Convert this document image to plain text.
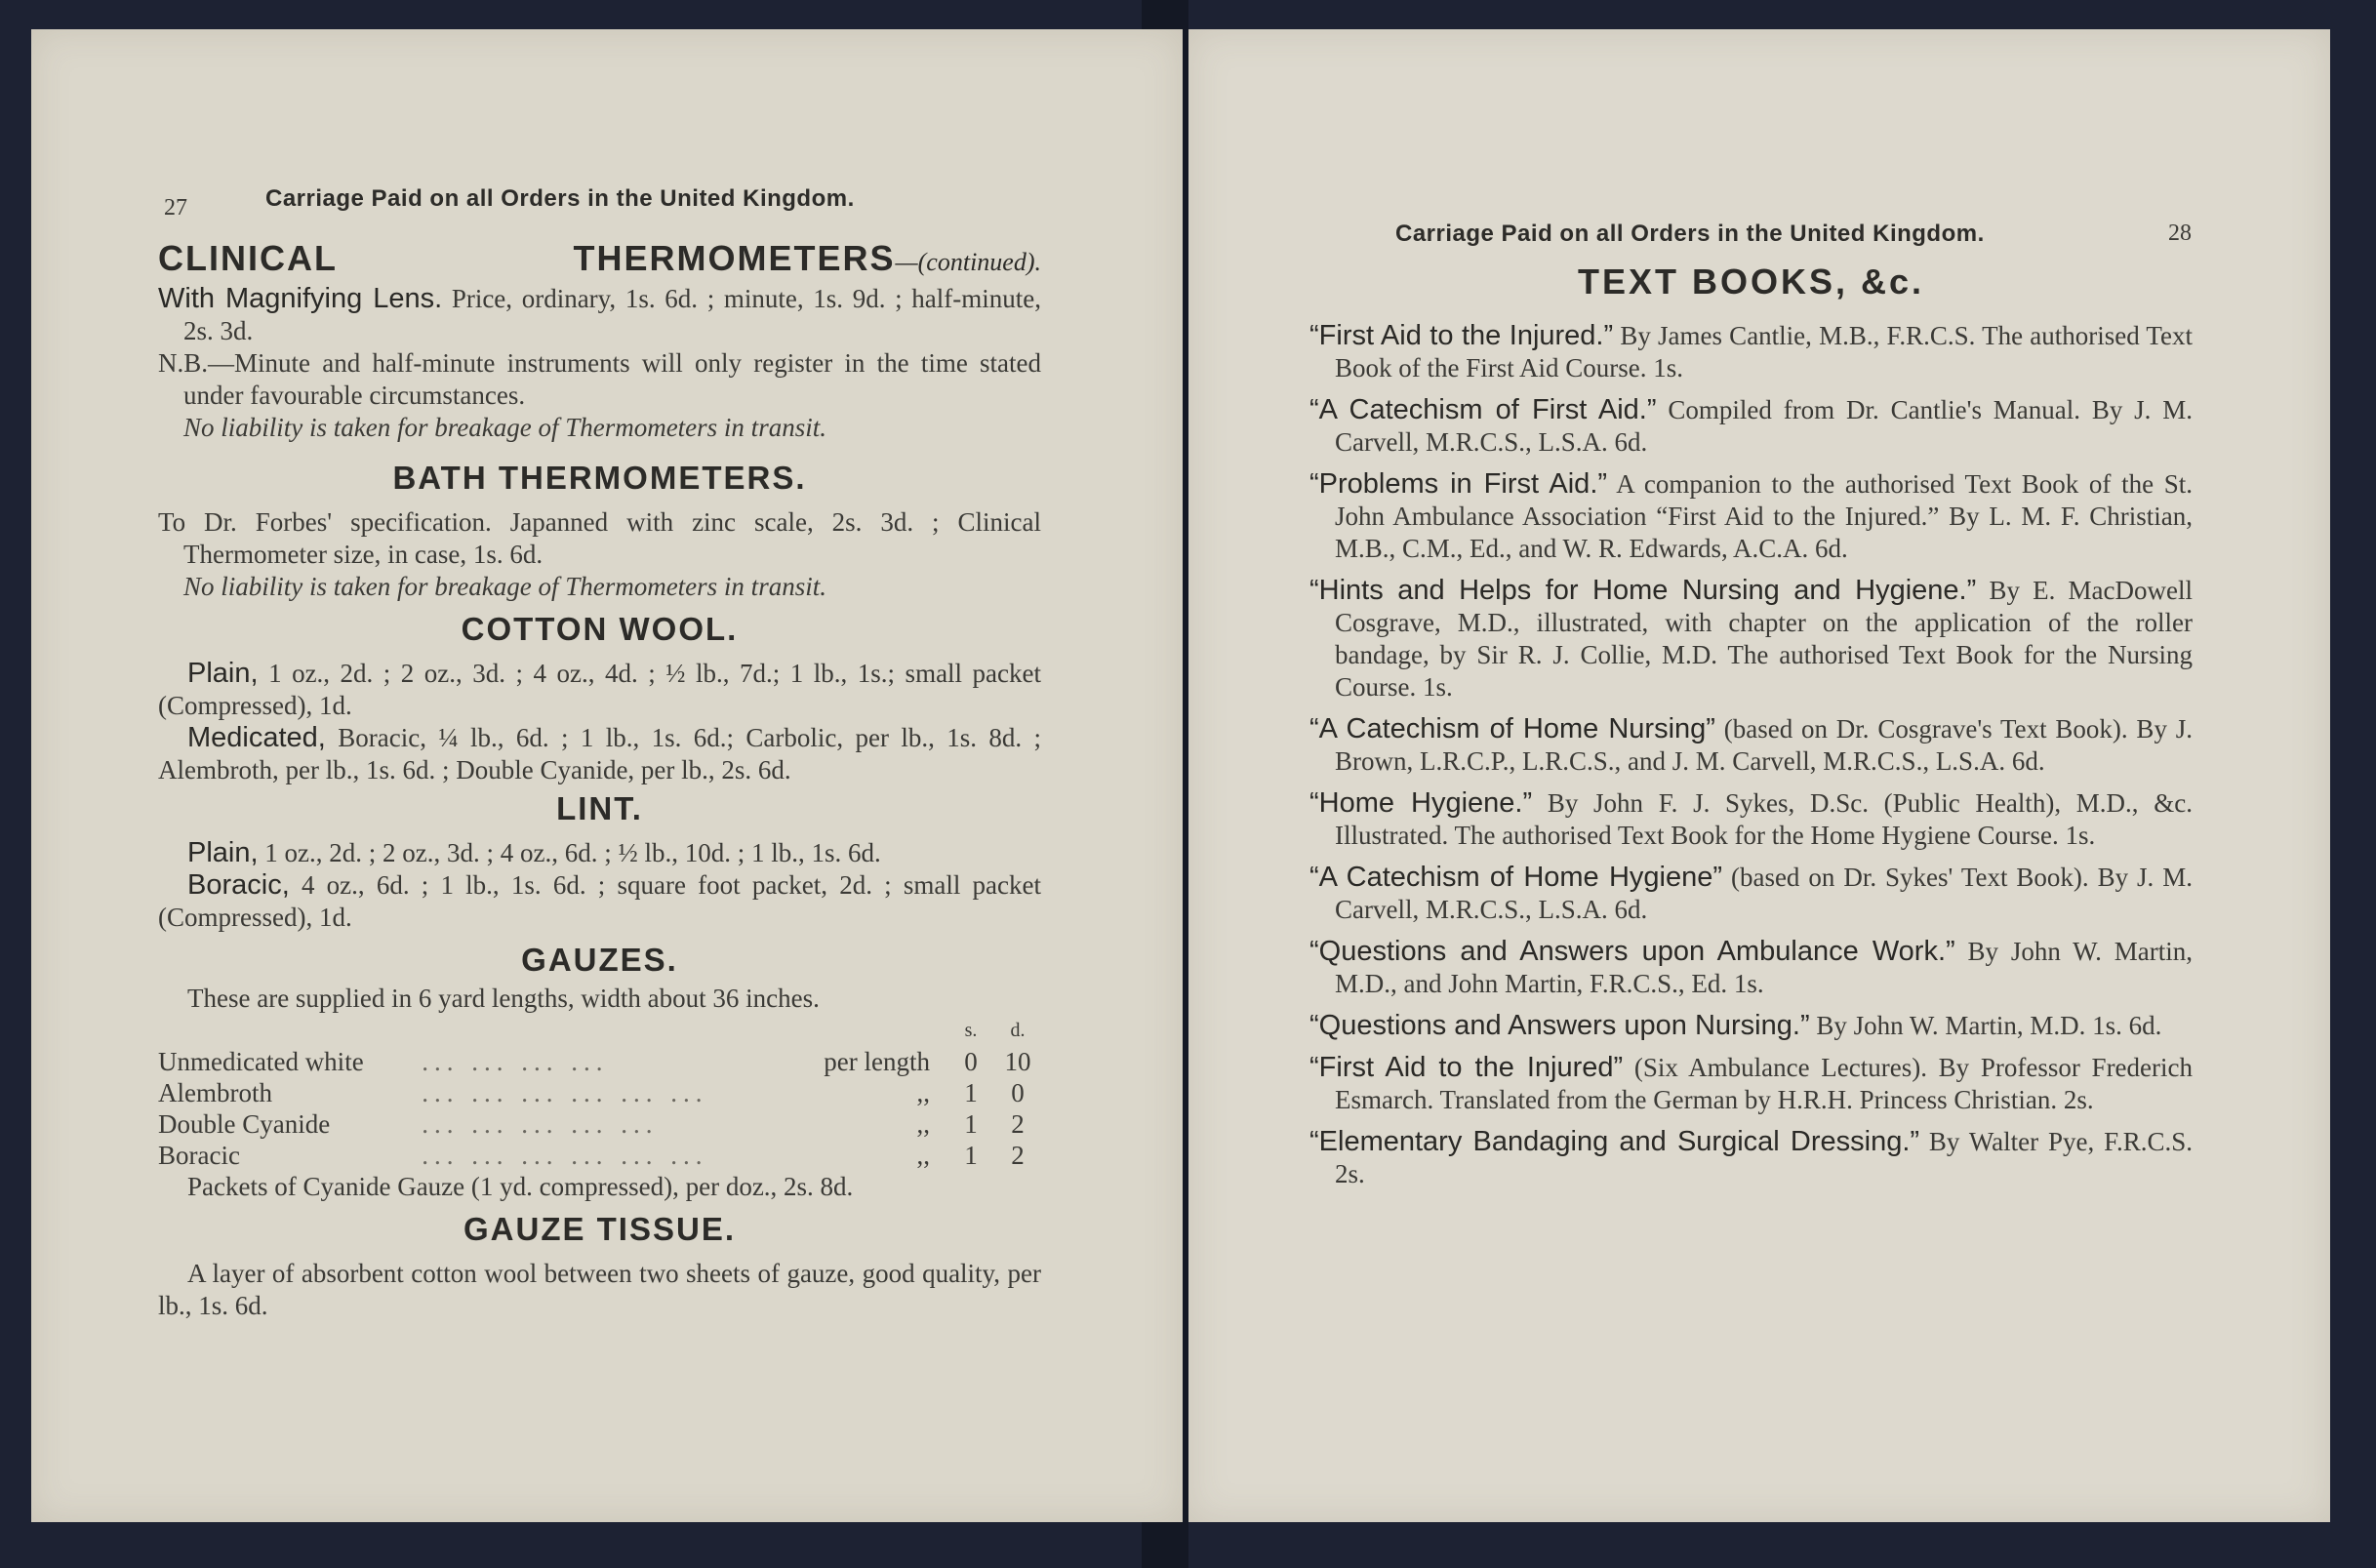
27	Carriage Paid on all Orders in the United Kingdom.

CLINICAL THERMOMETERS—(continued).

With Magnifying Lens. Price, ordinary, 1s. 6d. ; minute, 1s. 9d. ; half-minute, 2s. 3d.

N.B.—Minute and half-minute instruments will only register in the time stated under favourable circumstances.

No liability is taken for breakage of Thermometers in transit.

BATH THERMOMETERS.

To Dr. Forbes' specification. Japanned with zinc scale, 2s. 3d. ; Clinical Thermometer size, in case, 1s. 6d.

No liability is taken for breakage of Thermometers in transit.

COTTON WOOL.

Plain, 1 oz., 2d. ; 2 oz., 3d. ; 4 oz., 4d. ; ½ lb., 7d.; 1 lb., 1s.; small packet (Compressed), 1d.

Medicated, Boracic, ¼ lb., 6d. ; 1 lb., 1s. 6d.; Carbolic, per lb., 1s. 8d. ; Alembroth, per lb., 1s. 6d. ; Double Cyanide, per lb., 2s. 6d.

LINT.

Plain, 1 oz., 2d. ; 2 oz., 3d. ; 4 oz., 6d. ; ½ lb., 10d. ; 1 lb., 1s. 6d.

Boracic, 4 oz., 6d. ; 1 lb., 1s. 6d. ; square foot packet, 2d. ; small packet (Compressed), 1d.

GAUZES.

These are supplied in 6 yard lengths, width about 36 inches.

			s.	d.
Unmedicated white	... ... ... ...	per length	0	10
Alembroth	... ... ... ... ... ...	,,	1	0
Double Cyanide	... ... ... ... ...	,,	1	2
Boracic	... ... ... ... ... ...	,,	1	2

Packets of Cyanide Gauze (1 yd. compressed), per doz., 2s. 8d.

GAUZE TISSUE.

A layer of absorbent cotton wool between two sheets of gauze, good quality, per lb., 1s. 6d.

Carriage Paid on all Orders in the United Kingdom.	28

TEXT BOOKS, &c.

“First Aid to the Injured.” By James Cantlie, M.B., F.R.C.S. The authorised Text Book of the First Aid Course. 1s.
“A Catechism of First Aid.” Compiled from Dr. Cantlie's Manual. By J. M. Carvell, M.R.C.S., L.S.A. 6d.
“Problems in First Aid.” A companion to the authorised Text Book of the St. John Ambulance Association “First Aid to the Injured.” By L. M. F. Christian, M.B., C.M., Ed., and W. R. Edwards, A.C.A. 6d.
“Hints and Helps for Home Nursing and Hygiene.” By E. MacDowell Cosgrave, M.D., illustrated, with chapter on the application of the roller bandage, by Sir R. J. Collie, M.D. The authorised Text Book for the Nursing Course. 1s.
“A Catechism of Home Nursing” (based on Dr. Cosgrave's Text Book). By J. Brown, L.R.C.P., L.R.C.S., and J. M. Carvell, M.R.C.S., L.S.A. 6d.
“Home Hygiene.” By John F. J. Sykes, D.Sc. (Public Health), M.D., &c. Illustrated. The authorised Text Book for the Home Hygiene Course. 1s.
“A Catechism of Home Hygiene” (based on Dr. Sykes' Text Book). By J. M. Carvell, M.R.C.S., L.S.A. 6d.
“Questions and Answers upon Ambulance Work.” By John W. Martin, M.D., and John Martin, F.R.C.S., Ed. 1s.
“Questions and Answers upon Nursing.” By John W. Martin, M.D. 1s. 6d.
“First Aid to the Injured” (Six Ambulance Lectures). By Professor Frederich Esmarch. Translated from the German by H.R.H. Princess Christian. 2s.
“Elementary Bandaging and Surgical Dressing.” By Walter Pye, F.R.C.S. 2s.
